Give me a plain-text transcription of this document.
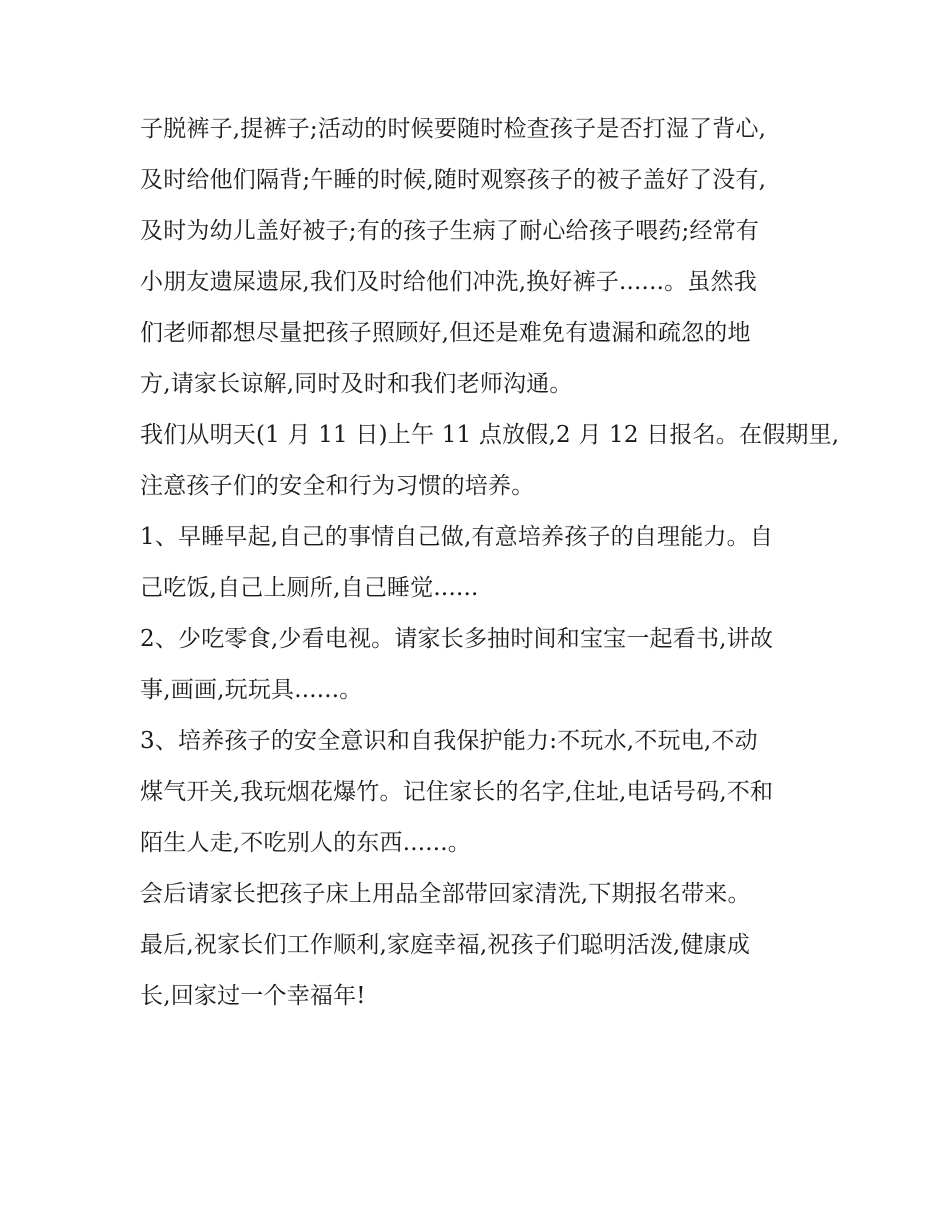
子脱裤子,提裤子;活动的时候要随时检查孩子是否打湿了背心,
及时给他们隔背;午睡的时候,随时观察孩子的被子盖好了没有,
及时为幼儿盖好被子;有的孩子生病了耐心给孩子喂药;经常有
小朋友遗屎遗尿,我们及时给他们冲洗,换好裤子......。虽然我
们老师都想尽量把孩子照顾好,但还是难免有遗漏和疏忽的地
方,请家长谅解,同时及时和我们老师沟通。

我们从明天(1 月 11 日)上午 11 点放假,2 月 12 日报名。在假期里,
注意孩子们的安全和行为习惯的培养。

1、早睡早起,自己的事情自己做,有意培养孩子的自理能力。自
己吃饭,自己上厕所,自己睡觉......

2、少吃零食,少看电视。请家长多抽时间和宝宝一起看书,讲故
事,画画,玩玩具......。

3、培养孩子的安全意识和自我保护能力:不玩水,不玩电,不动
煤气开关,我玩烟花爆竹。记住家长的名字,住址,电话号码,不和
陌生人走,不吃别人的东西......。

会后请家长把孩子床上用品全部带回家清洗,下期报名带来。

最后,祝家长们工作顺利,家庭幸福,祝孩子们聪明活泼,健康成
长,回家过一个幸福年!
